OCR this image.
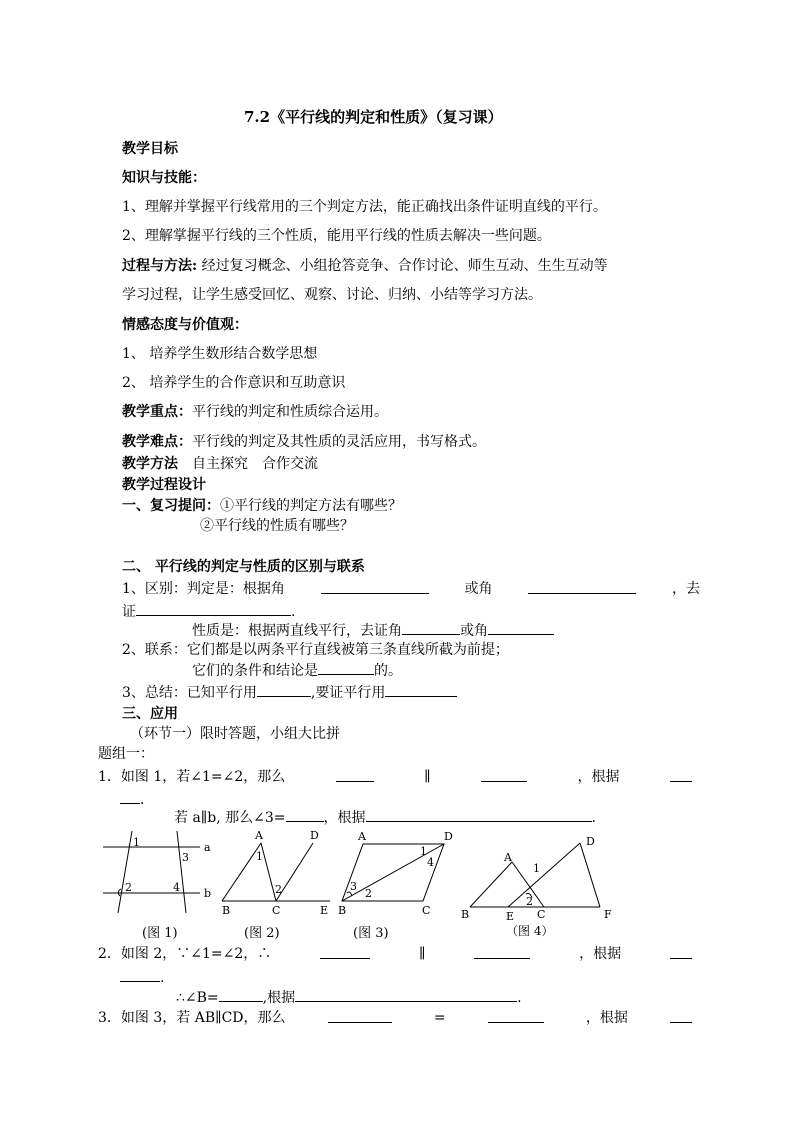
7.2《平行线的判定和性质》（复习课）
教学目标
知识与技能：
1、理解并掌握平行线常用的三个判定方法，能正确找出条件证明直线的平行。
2、理解掌握平行线的三个性质，能用平行线的性质去解决一些问题。
过程与方法: 经过复习概念、小组抢答竞争、合作讨论、师生互动、生生互动等
学习过程，让学生感受回忆、观察、讨论、归纳、小结等学习方法。
情感态度与价值观：
1、 培养学生数形结合数学思想
2、 培养学生的合作意识和互助意识
教学重点：平行线的判定和性质综合运用。
教学难点：平行线的判定及其性质的灵活应用，书写格式。
教学方法　 自主探究　合作交流
教学过程设计
一、复习提问：①平行线的判定方法有哪些？
②平行线的性质有哪些？
二、 平行线的判定与性质的区别与联系
1、区别：判定是：根据角	或角	，去
证	.
性质是：根据两直线平行，去证角	或角
2、联系：它们都是以两条平行直线被第三条直线所截为前提；
它们的条件和结论是	的。
3、总结：已知平行用	,要证平行用
三、应用
（环节一）限时答题，小组大比拼
题组一：
1．如图 1，若∠1=∠2，那么	∥	，根据
．
若 a∥b, 那么∠3=	，根据	.
1
3
2	4
a
b
A	D
B	C	E
1
2
A	D
B	C
1
4
3
2
A
D
B	E C	F
1
2
(图 1)	(图 2)	(图 3)	（图 4）
2．如图 2，∵∠1=∠2，∴	∥	，根据
.
∴∠B=	,根据	.
3．如图 3，若 AB∥CD，那么	=	，根据
